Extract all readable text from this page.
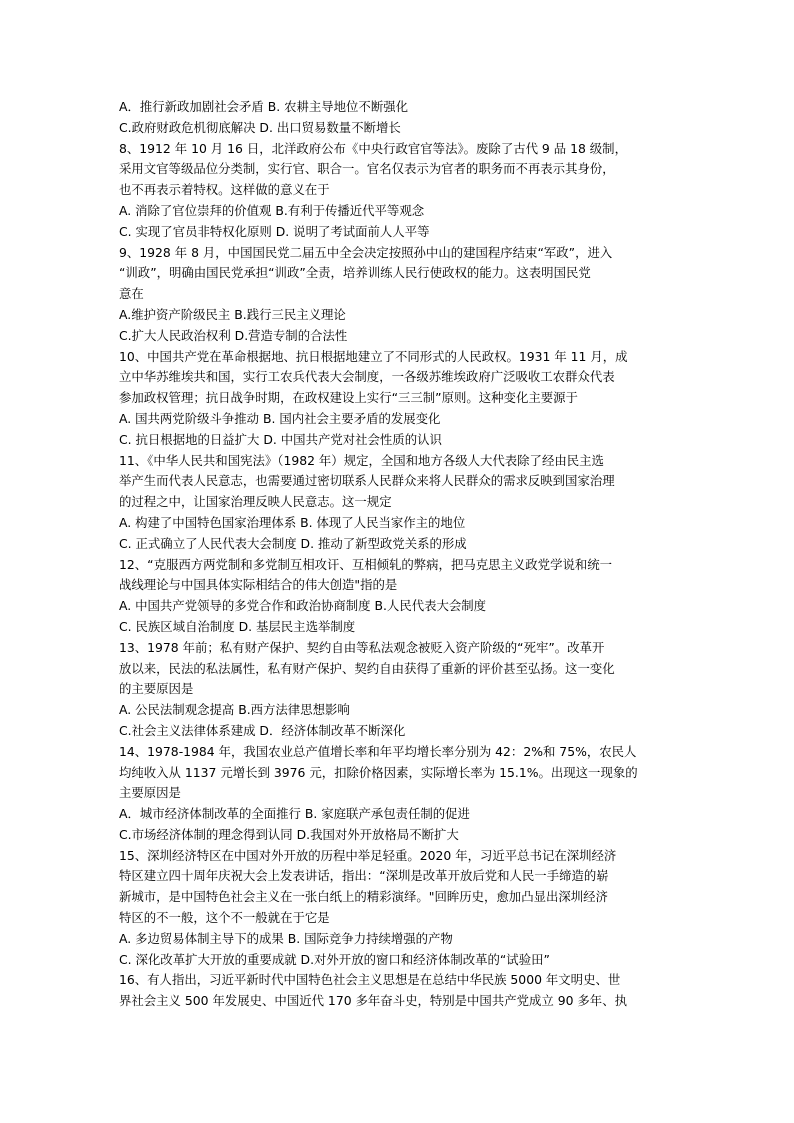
A．推行新政加剧社会矛盾 B. 农耕主导地位不断强化
C.政府财政危机彻底解决 D. 出口贸易数量不断增长
8、1912 年 10 月 16 日，北洋政府公布《中央行政官官等法》。废除了古代 9 品 18 级制，
采用文官等级品位分类制，实行官、职合一。官名仅表示为官者的职务而不再表示其身份，
也不再表示着特权。这样做的意义在于
A. 消除了官位崇拜的价值观 B.有利于传播近代平等观念
C. 实现了官员非特权化原则 D. 说明了考试面前人人平等
9、1928 年 8 月，中国国民党二届五中全会决定按照孙中山的建国程序结束“军政”，进入
“训政”，明确由国民党承担“训政”全责，培养训练人民行使政权的能力。这表明国民党
意在
A.维护资产阶级民主 B.践行三民主义理论
C.扩大人民政治权利 D.营造专制的合法性
10、中国共产党在革命根据地、抗日根据地建立了不同形式的人民政权。1931 年 11 月，成
立中华苏维埃共和国，实行工农兵代表大会制度，一各级苏维埃政府广泛吸收工农群众代表
参加政权管理；抗日战争时期，在政权建设上实行“三三制”原则。这种变化主要源于
A. 国共两党阶级斗争推动 B. 国内社会主要矛盾的发展变化
C. 抗日根据地的日益扩大 D. 中国共产党对社会性质的认识
11、《中华人民共和国宪法》（1982 年）规定，全国和地方各级人大代表除了经由民主选
举产生而代表人民意志，也需要通过密切联系人民群众来将人民群众的需求反映到国家治理
的过程之中，让国家治理反映人民意志。这一规定
A. 构建了中国特色国家治理体系 B. 体现了人民当家作主的地位
C. 正式确立了人民代表大会制度 D. 推动了新型政党关系的形成
12、“克服西方两党制和多党制互相攻讦、互相倾轧的弊病，把马克思主义政党学说和统一
战线理论与中国具体实际相结合的伟大创造"指的是
A. 中国共产党领导的多党合作和政治协商制度 B.人民代表大会制度
C. 民族区域自治制度 D. 基层民主选举制度
13、1978 年前；私有财产保护、契约自由等私法观念被贬入资产阶级的“死牢”。改革开
放以来，民法的私法属性，私有财产保护、契约自由获得了重新的评价甚至弘扬。这一变化
的主要原因是
A. 公民法制观念提高 B.西方法律思想影响
C.社会主义法律体系建成 D．经济体制改革不断深化
14、1978-1984 年，我国农业总产值增长率和年平均增长率分别为 42：2%和 75%，农民人
均纯收入从 1137 元增长到 3976 元，扣除价格因素，实际增长率为 15.1%。出现这一现象的
主要原因是
A．城市经济体制改革的全面推行 B. 家庭联产承包责任制的促进
C.市场经济体制的理念得到认同 D.我国对外开放格局不断扩大
15、深圳经济特区在中国对外开放的历程中举足轻重。2020 年，习近平总书记在深圳经济
特区建立四十周年庆祝大会上发表讲话，指出：“深圳是改革开放后党和人民一手缔造的崭
新城市，是中国特色社会主义在一张白纸上的精彩演绎。"回眸历史，愈加凸显出深圳经济
特区的不一般，这个不一般就在于它是
A. 多边贸易体制主导下的成果 B. 国际竞争力持续增强的产物
C. 深化改革扩大开放的重要成就 D.对外开放的窗口和经济体制改革的“试验田”
16、有人指出，习近平新时代中国特色社会主义思想是在总结中华民族 5000 年文明史、世
界社会主义 500 年发展史、中国近代 170 多年奋斗史，特别是中国共产党成立 90 多年、执
